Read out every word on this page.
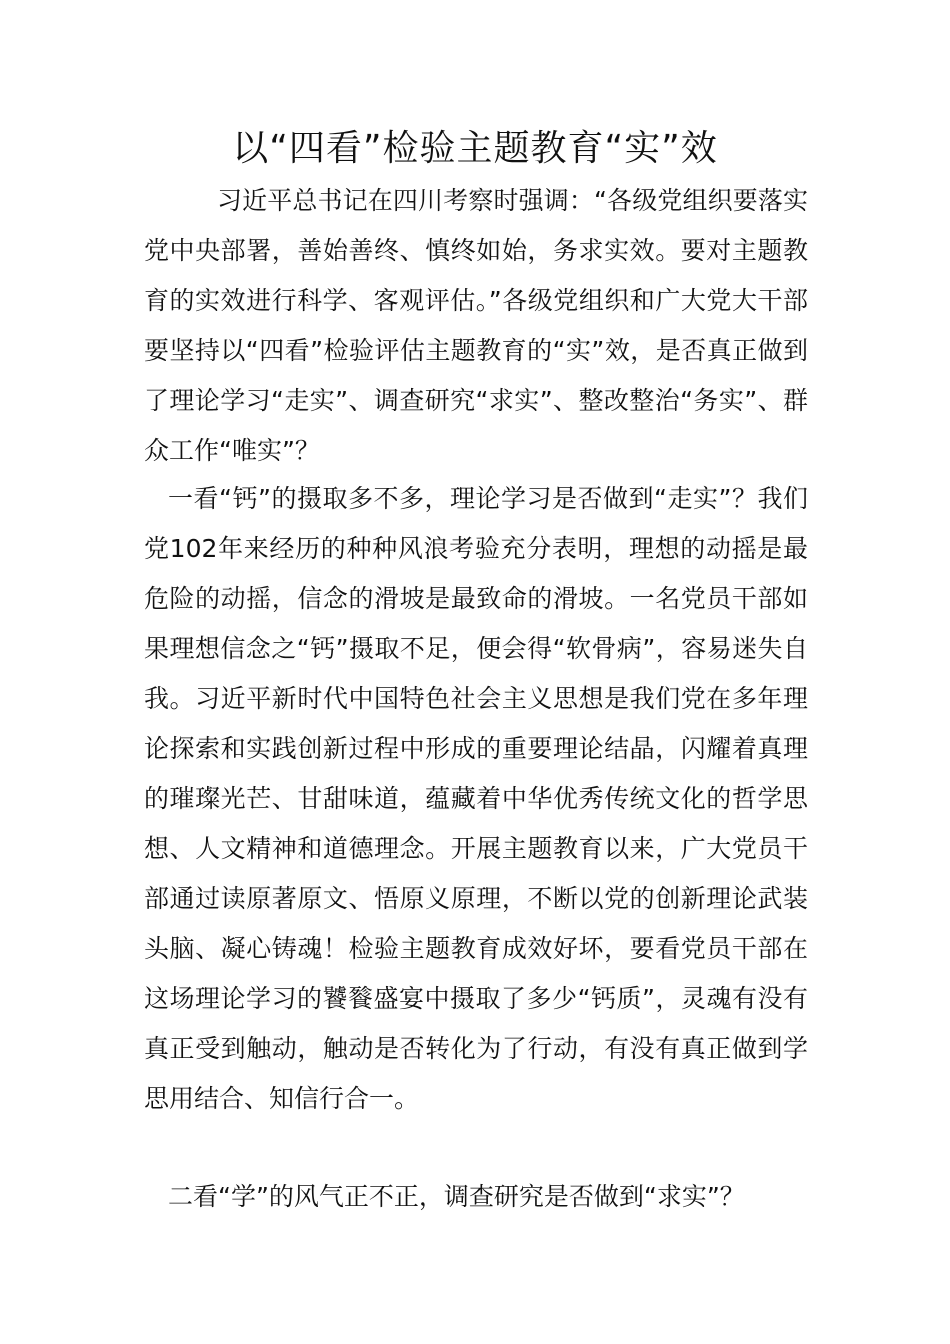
以“四看”检验主题教育“实”效

习近平总书记在四川考察时强调：“各级党组织要落实党中央部署，善始善终、慎终如始，务求实效。要对主题教育的实效进行科学、客观评估。”各级党组织和广大党大干部要坚持以“四看”检验评估主题教育的“实”效，是否真正做到了理论学习“走实”、调查研究“求实”、整改整治“务实”、群众工作“唯实”？

一看“钙”的摄取多不多，理论学习是否做到“走实”？我们党102年来经历的种种风浪考验充分表明，理想的动摇是最危险的动摇，信念的滑坡是最致命的滑坡。一名党员干部如果理想信念之“钙”摄取不足，便会得“软骨病”，容易迷失自我。习近平新时代中国特色社会主义思想是我们党在多年理论探索和实践创新过程中形成的重要理论结晶，闪耀着真理的璀璨光芒、甘甜味道，蕴藏着中华优秀传统文化的哲学思想、人文精神和道德理念。开展主题教育以来，广大党员干部通过读原著原文、悟原义原理，不断以党的创新理论武装头脑、凝心铸魂！检验主题教育成效好坏，要看党员干部在这场理论学习的饕餮盛宴中摄取了多少“钙质”，灵魂有没有真正受到触动，触动是否转化为了行动，有没有真正做到学思用结合、知信行合一。

二看“学”的风气正不正，调查研究是否做到“求实”？
